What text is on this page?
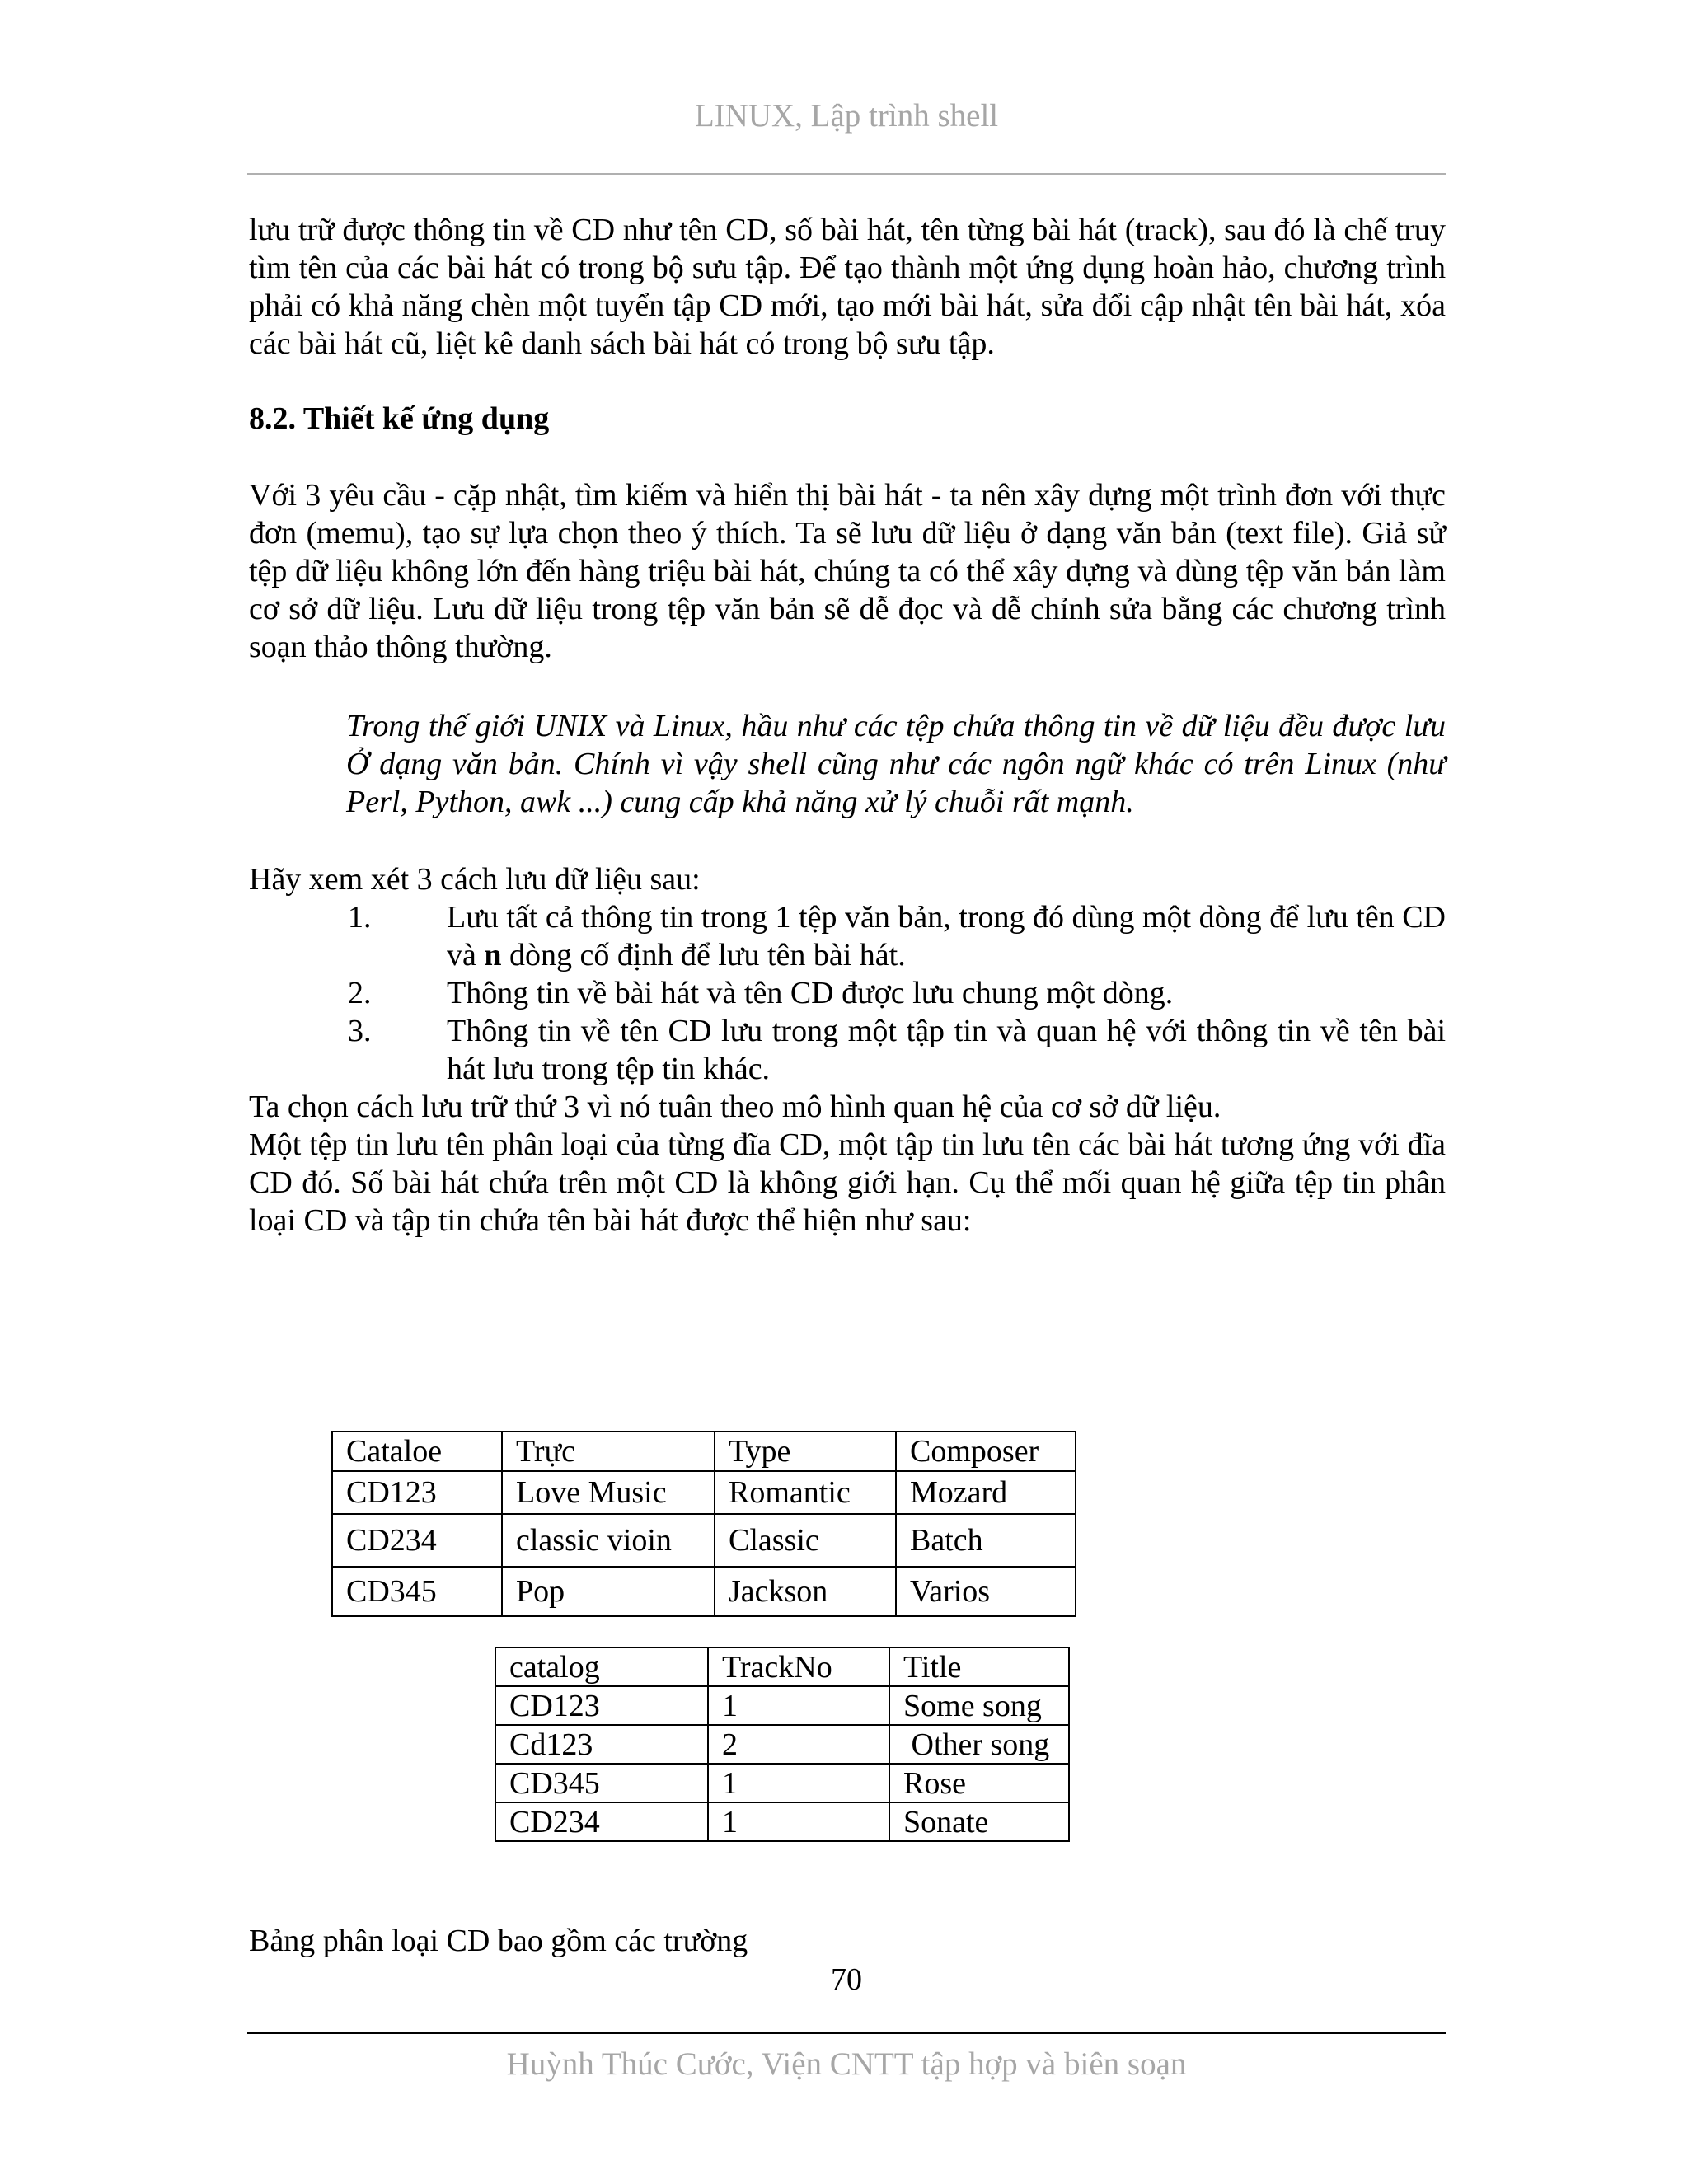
LINUX, Lập trình shell

lưu trữ được thông tin về CD như tên CD, số bài hát, tên từng bài hát (track), sau đó là chế truy tìm tên của các bài hát có trong bộ sưu tập. Để tạo thành một ứng dụng hoàn hảo, chương trình phải có khả năng chèn một tuyển tập CD mới, tạo mới bài hát, sửa đổi cập nhật tên bài hát, xóa các bài hát cũ, liệt kê danh sách bài hát có trong bộ sưu tập.

8.2. Thiết kế ứng dụng

Với 3 yêu cầu - cặp nhật, tìm kiếm và hiển thị bài hát - ta nên xây dựng một trình đơn với thực đơn (memu), tạo sự lựa chọn theo ý thích. Ta sẽ lưu dữ liệu ở dạng văn bản (text file). Giả sử tệp dữ liệu không lớn đến hàng triệu bài hát, chúng ta có thể xây dựng và dùng tệp văn bản làm cơ sở dữ liệu. Lưu dữ liệu trong tệp văn bản sẽ dễ đọc và dễ chỉnh sửa bằng các chương trình soạn thảo thông thường.

Trong thế giới UNIX và Linux, hầu như các tệp chứa thông tin về dữ liệu đều được lưu Ở dạng văn bản. Chính vì vậy shell cũng như các ngôn ngữ khác có trên Linux (như Perl, Python, awk ...) cung cấp khả năng xử lý chuỗi rất mạnh.

Hãy xem xét 3 cách lưu dữ liệu sau:

1. Lưu tất cả thông tin trong 1 tệp văn bản, trong đó dùng một dòng để lưu tên CD và n dòng cố định để lưu tên bài hát.
2. Thông tin về bài hát và tên CD được lưu chung một dòng.
3. Thông tin về tên CD lưu trong một tập tin và quan hệ với thông tin về tên bài hát lưu trong tệp tin khác.

Ta chọn cách lưu trữ thứ 3 vì nó tuân theo mô hình quan hệ của cơ sở dữ liệu.

Một tệp tin lưu tên phân loại của từng đĩa CD, một tập tin lưu tên các bài hát tương ứng với đĩa CD đó. Số bài hát chứa trên một CD là không giới hạn. Cụ thể mối quan hệ giữa tệp tin phân loại CD và tập tin chứa tên bài hát được thể hiện như sau:

Cataloe	Trực	Type	Composer
CD123	Love Music	Romantic	Mozard
CD234	classic vioin	Classic	Batch
CD345	Pop	Jackson	Varios
catalog	TrackNo	Title
CD123	1	Some song
Cd123	2	Other song
CD345	1	Rose
CD234	1	Sonate

Bảng phân loại CD bao gồm các trường

70
Huỳnh Thúc Cước, Viện CNTT tập hợp và biên soạn
